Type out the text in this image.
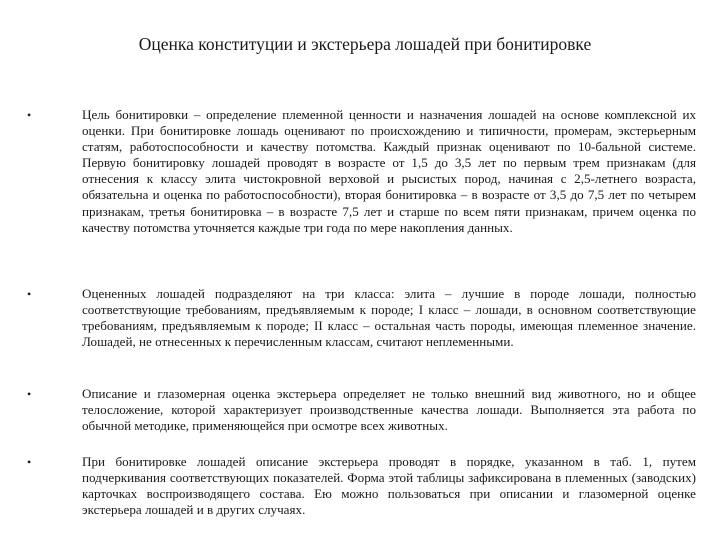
Оценка конституции и экстерьера лошадей при бонитировке
•	Цель бонитировки – определение племенной ценности и назначения лошадей на основе комплексной их оценки. При бонитировке лошадь оценивают по происхождению и типичности, промерам, экстерьерным статям, работоспособности и качеству потомства. Каждый признак оценивают по 10-бальной системе. Первую бонитировку лошадей проводят в возрасте от 1,5 до 3,5 лет по первым трем признакам (для отнесения к классу элита чистокровной верховой и рысистых пород, начиная с 2,5-летнего возраста, обязательна и оценка по работоспособности), вторая бонитировка – в возрасте от 3,5 до 7,5 лет по четырем признакам, третья бонитировка – в возрасте 7,5 лет и старше по всем пяти признакам, причем оценка по качеству потомства уточняется каждые три года по мере накопления данных.

•	Оцененных лошадей подразделяют на три класса: элита – лучшие в породе лошади, полностью соответствующие требованиям, предъявляемым к породе; I класс – лошади, в основном соответствующие требованиям, предъявляемым к породе; II класс – остальная часть породы, имеющая племенное значение. Лошадей, не отнесенных к перечисленным классам, считают неплеменными.

•	Описание и глазомерная оценка экстерьера определяет не только внешний вид животного, но и общее телосложение, которой характеризует производственные качества лошади. Выполняется эта работа по обычной методике, применяющейся при осмотре всех животных.

•	При бонитировке лошадей описание экстерьера проводят в порядке, указанном в таб. 1, путем подчеркивания соответствующих показателей. Форма этой таблицы зафиксирована в племенных (заводских) карточках воспроизводящего состава. Ею можно пользоваться при описании и глазомерной оценке экстерьера лошадей и в других случаях.
